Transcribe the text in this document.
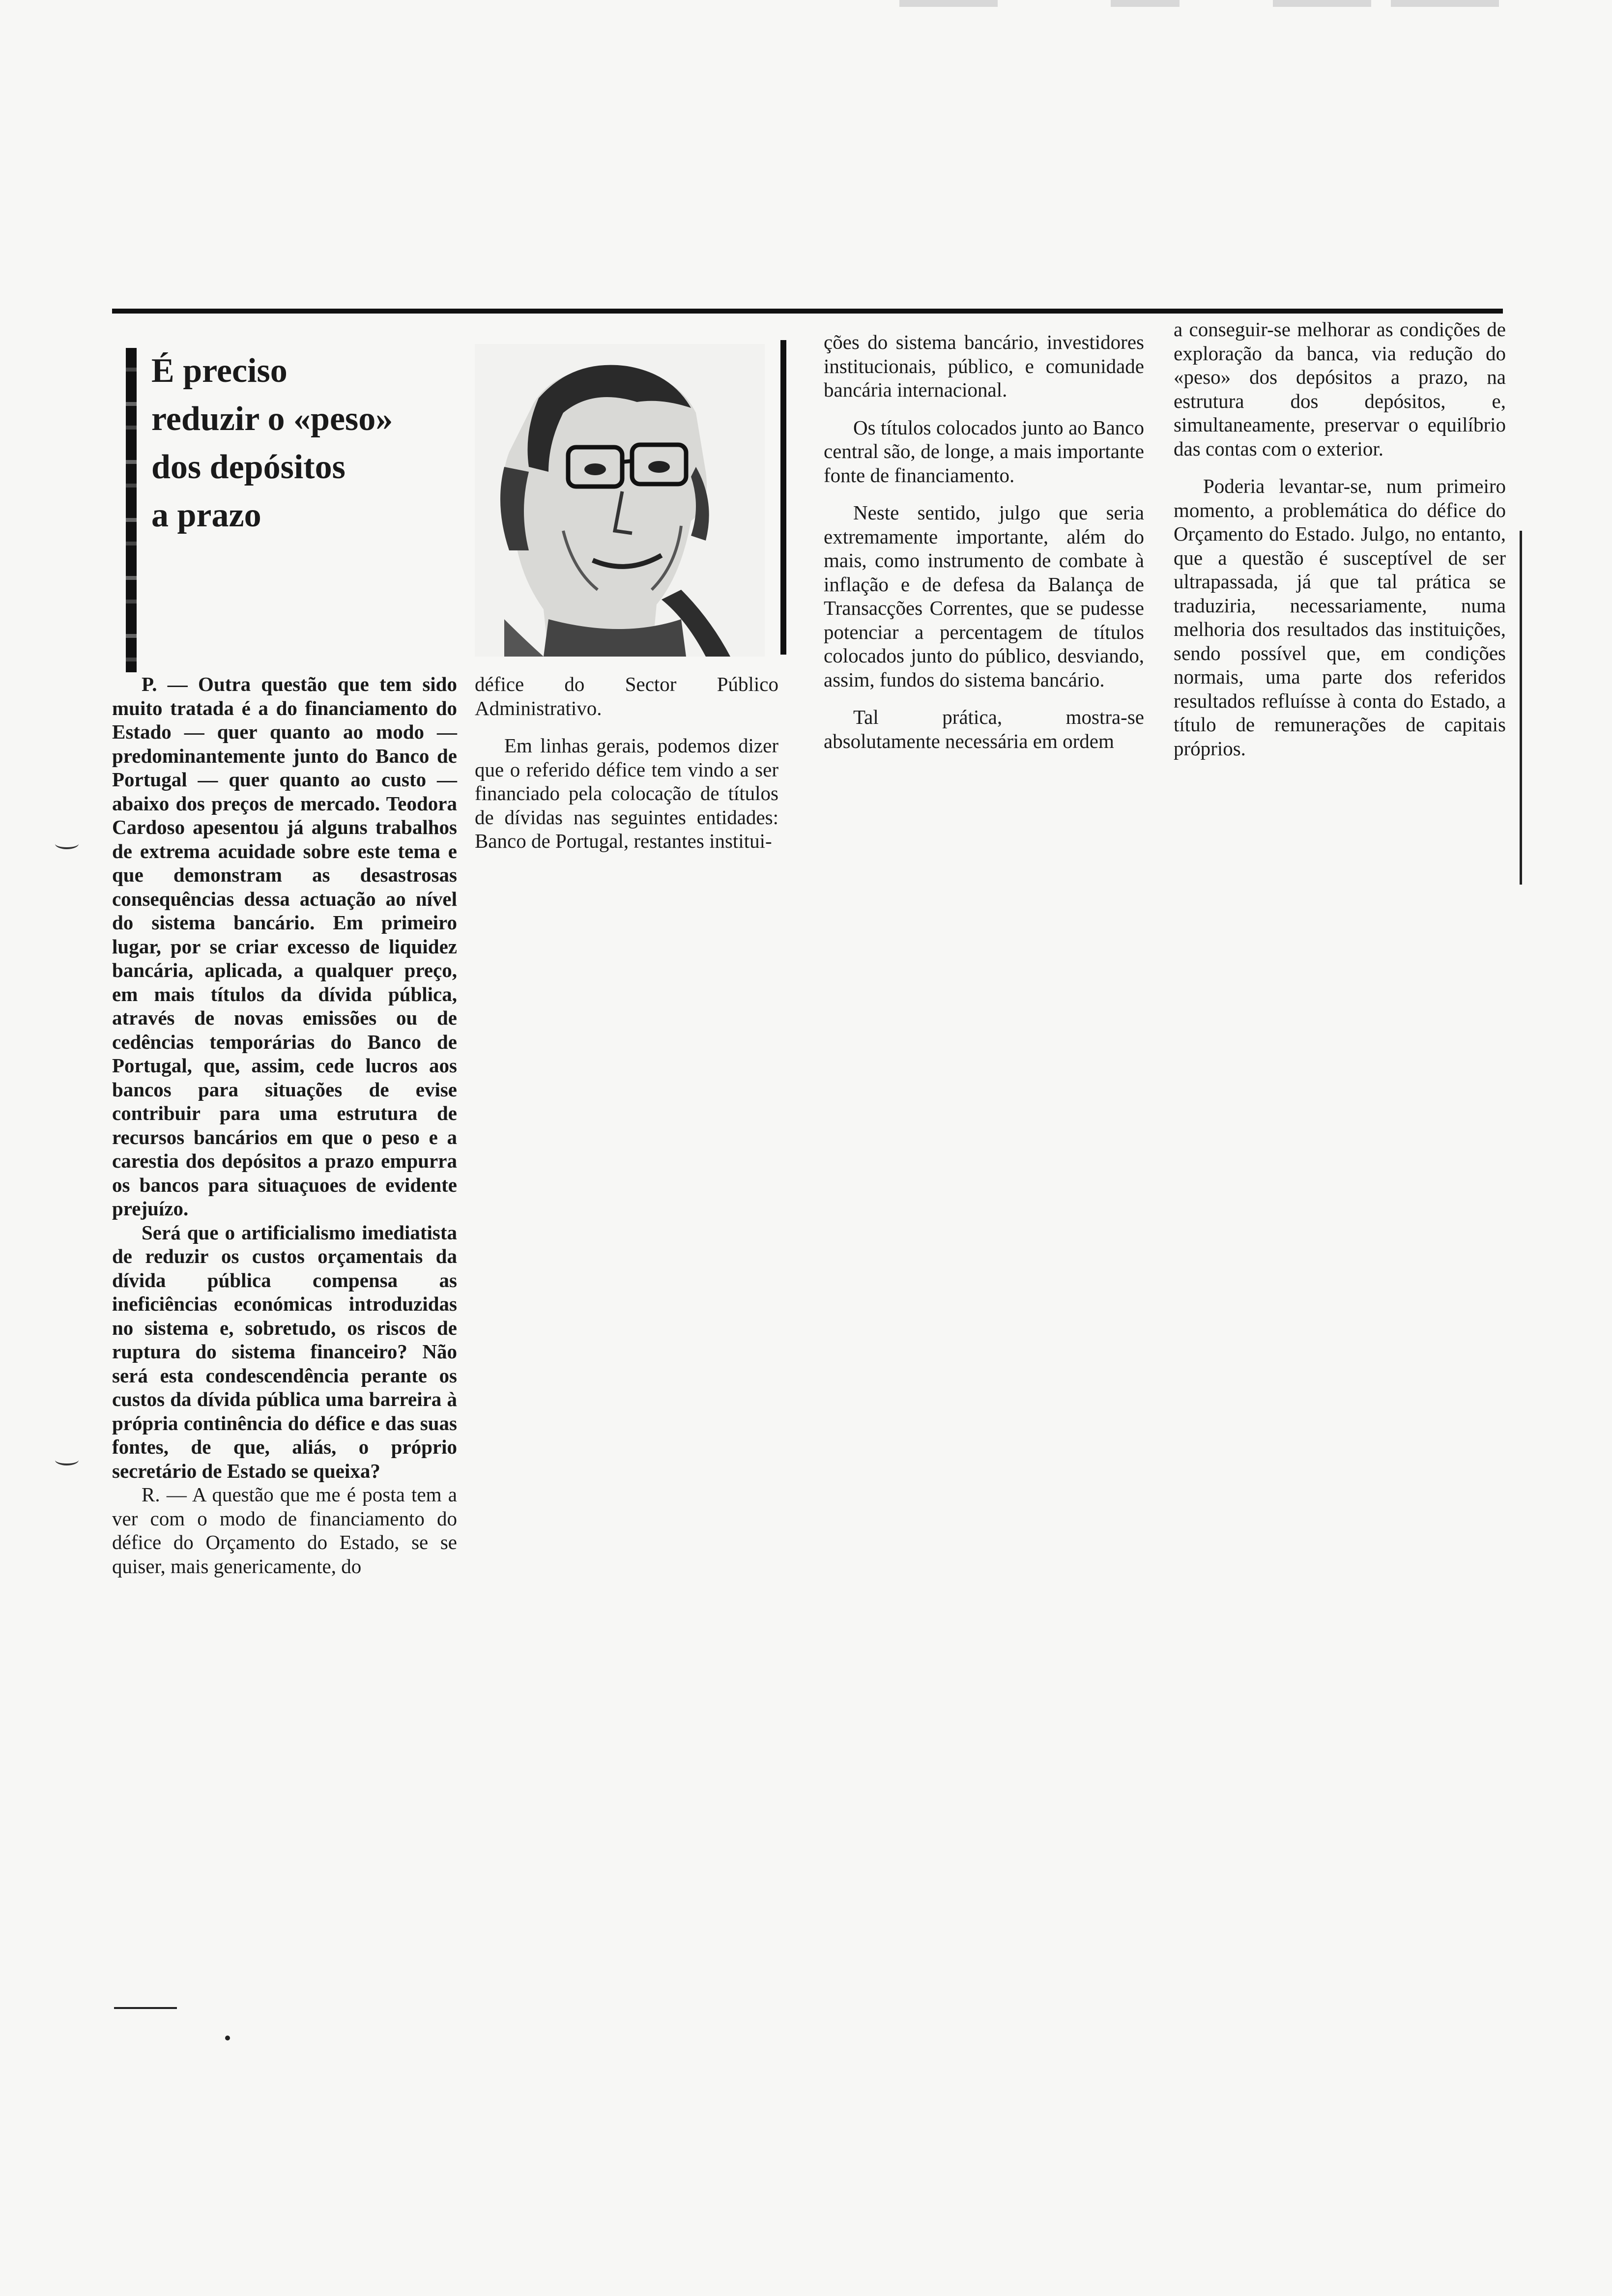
É preciso
reduzir o «peso»
dos depósitos
a prazo

P. — Outra questão que tem sido muito tratada é a do financiamento do Estado — quer quanto ao modo — predominantemente junto do Banco de Portugal — quer quanto ao custo — abaixo dos preços de mercado. Teodora Cardoso apesentou já alguns trabalhos de extrema acuidade sobre este tema e que demonstram as desastrosas consequências dessa actuação ao nível do sistema bancário. Em primeiro lugar, por se criar excesso de liquidez bancária, aplicada, a qualquer preço, em mais títulos da dívida pública, através de novas emissões ou de cedências temporárias do Banco de Portugal, que, assim, cede lucros aos bancos para situações de evise contribuir para uma estrutura de recursos bancários em que o peso e a carestia dos depósitos a prazo empurra os bancos para situaçuoes de evidente prejuízo.

Será que o artificialismo imediatista de reduzir os custos orçamentais da dívida pública compensa as ineficiências económicas introduzidas no sistema e, sobretudo, os riscos de ruptura do sistema financeiro? Não será esta condescendência perante os custos da dívida pública uma barreira à própria continência do défice e das suas fontes, de que, aliás, o próprio secretário de Estado se queixa?

R. — A questão que me é posta tem a ver com o modo de financiamento do défice do Orçamento do Estado, se se quiser, mais genericamente, do

défice do Sector Público Administrativo.

Em linhas gerais, podemos dizer que o referido défice tem vindo a ser financiado pela colocação de títulos de dívidas nas seguintes entidades: Banco de Portugal, restantes institui-

ções do sistema bancário, investidores institucionais, público, e comunidade bancária internacional.

Os títulos colocados junto ao Banco central são, de longe, a mais importante fonte de financiamento.

Neste sentido, julgo que seria extremamente importante, além do mais, como instrumento de combate à inflação e de defesa da Balança de Transacções Correntes, que se pudesse potenciar a percentagem de títulos colocados junto do público, desviando, assim, fundos do sistema bancário.

Tal prática, mostra-se absolutamente necessária em ordem

a conseguir-se melhorar as condições de exploração da banca, via redução do «peso» dos depósitos a prazo, na estrutura dos depósitos, e, simultaneamente, preservar o equilíbrio das contas com o exterior.

Poderia levantar-se, num primeiro momento, a problemática do défice do Orçamento do Estado. Julgo, no entanto, que a questão é susceptível de ser ultrapassada, já que tal prática se traduziria, necessariamente, numa melhoria dos resultados das instituições, sendo possível que, em condições normais, uma parte dos referidos resultados refluísse à conta do Estado, a título de remunerações de capitais próprios.
